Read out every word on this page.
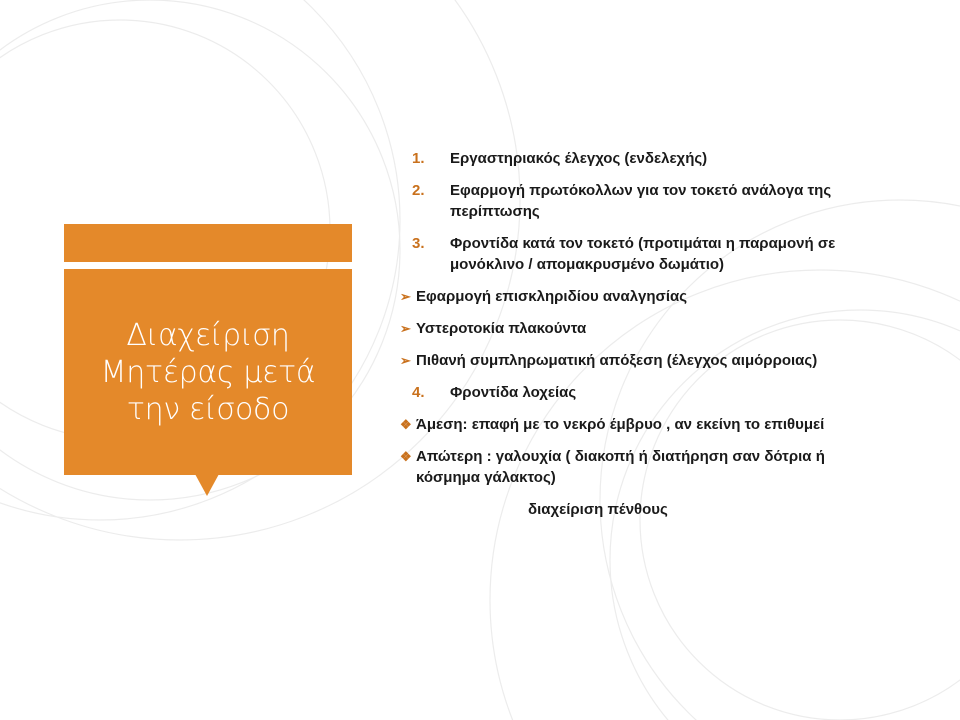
Διαχείριση
Μητέρας μετά
την είσοδο

1. Εργαστηριακός έλεγχος (ενδελεχής)
2. Εφαρμογή πρωτόκολλων για τον τοκετό ανάλογα της περίπτωσης
3. Φροντίδα κατά τον τοκετό (προτιμάται η παραμονή σε μονόκλινο / απομακρυσμένο δωμάτιο)
➢ Εφαρμογή επισκληριδίου αναλγησίας
➢ Υστεροτοκία πλακούντα
➢ Πιθανή συμπληρωματική απόξεση (έλεγχος αιμόρροιας)
4. Φροντίδα λοχείας
❖ Άμεση: επαφή με το νεκρό έμβρυο , αν εκείνη το επιθυμεί
❖ Απώτερη : γαλουχία ( διακοπή ή διατήρηση σαν δότρια ή κόσμημα γάλακτος)
διαχείριση πένθους
